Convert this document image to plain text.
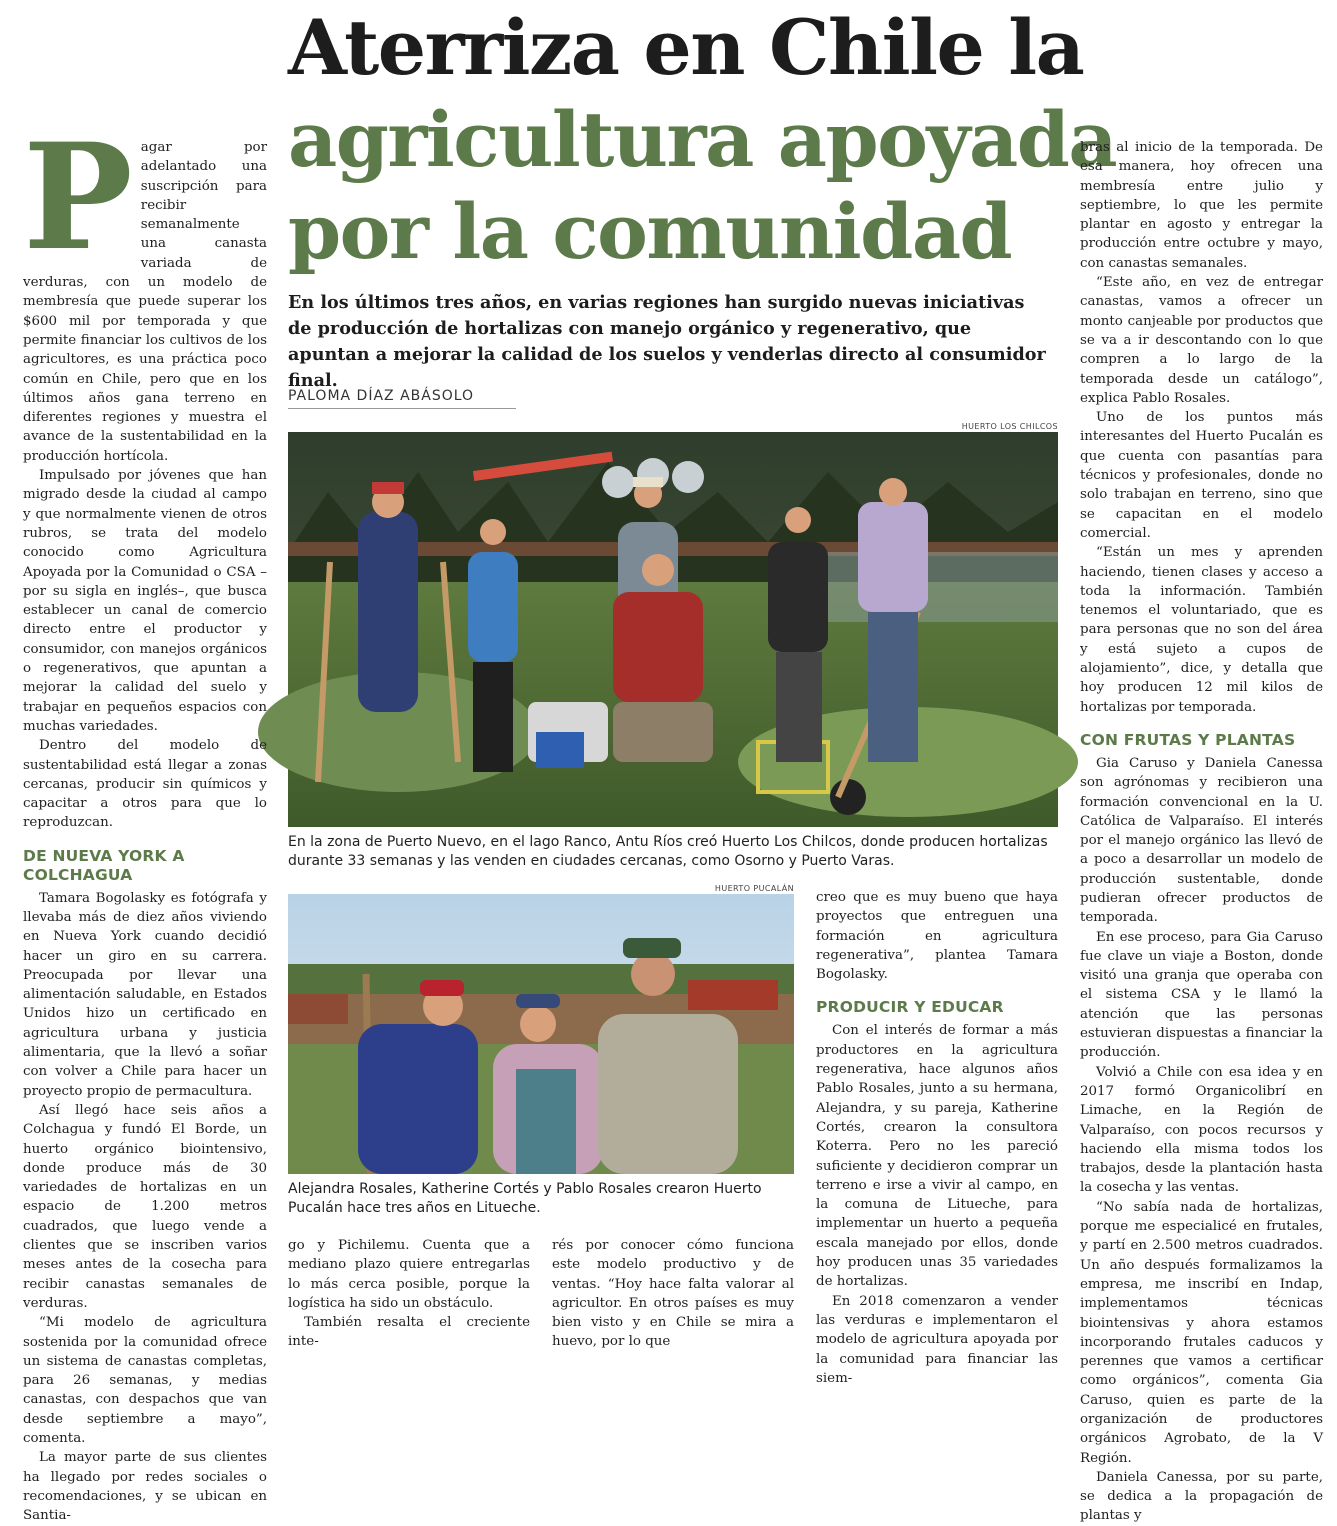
Aterriza en Chile la
agricultura apoyada
por la comunidad
En los últimos tres años, en varias regiones han surgido nuevas iniciativas de producción de hortalizas con manejo orgánico y regenerativo, que apuntan a mejorar la calidad de los suelos y venderlas directo al consumidor final.
PALOMA DÍAZ ABÁSOLO
HUERTO LOS CHILCOS
En la zona de Puerto Nuevo, en el lago Ranco, Antu Ríos creó Huerto Los Chilcos, donde producen hortalizas durante 33 semanas y las venden en ciudades cercanas, como Osorno y Puerto Varas.
HUERTO PUCALÁN
Alejandra Rosales, Katherine Cortés y Pablo Rosales crearon Huerto Pucalán hace tres años en Litueche.

P agar por adelantado una suscripción para recibir semanalmente una canasta variada de verduras, con un modelo de membresía que puede superar los $600 mil por temporada y que permite financiar los cultivos de los agricultores, es una práctica poco común en Chile, pero que en los últimos años gana terreno en diferentes regiones y muestra el avance de la sustentabilidad en la producción hortícola.

Impulsado por jóvenes que han migrado desde la ciudad al campo y que normalmente vienen de otros rubros, se trata del modelo conocido como Agricultura Apoyada por la Comunidad o CSA –por su sigla en inglés–, que busca establecer un canal de comercio directo entre el productor y consumidor, con manejos orgánicos o regenerativos, que apuntan a mejorar la calidad del suelo y trabajar en pequeños espacios con muchas variedades.

Dentro del modelo de sustentabilidad está llegar a zonas cercanas, producir sin químicos y capacitar a otros para que lo reproduzcan.

DE NUEVA YORK A COLCHAGUA

Tamara Bogolasky es fotógrafa y llevaba más de diez años viviendo en Nueva York cuando decidió hacer un giro en su carrera. Preocupada por llevar una alimentación saludable, en Estados Unidos hizo un certificado en agricultura urbana y justicia alimentaria, que la llevó a soñar con volver a Chile para hacer un proyecto propio de permacultura.

Así llegó hace seis años a Colchagua y fundó El Borde, un huerto orgánico biointensivo, donde produce más de 30 variedades de hortalizas en un espacio de 1.200 metros cuadrados, que luego vende a clientes que se inscriben varios meses antes de la cosecha para recibir canastas semanales de verduras.

“Mi modelo de agricultura sostenida por la comunidad ofrece un sistema de canastas completas, para 26 semanas, y medias canastas, con despachos que van desde septiembre a mayo”, comenta.

La mayor parte de sus clientes ha llegado por redes sociales o recomendaciones, y se ubican en Santia-

go y Pichilemu. Cuenta que a mediano plazo quiere entregarlas lo más cerca posible, porque la logística ha sido un obstáculo.

También resalta el creciente inte-

rés por conocer cómo funciona este modelo productivo y de ventas. “Hoy hace falta valorar al agricultor. En otros países es muy bien visto y en Chile se mira a huevo, por lo que

creo que es muy bueno que haya proyectos que entreguen una formación en agricultura regenerativa”, plantea Tamara Bogolasky.

PRODUCIR Y EDUCAR

Con el interés de formar a más productores en la agricultura regenerativa, hace algunos años Pablo Rosales, junto a su hermana, Alejandra, y su pareja, Katherine Cortés, crearon la consultora Koterra. Pero no les pareció suficiente y decidieron comprar un terreno e irse a vivir al campo, en la comuna de Litueche, para implementar un huerto a pequeña escala manejado por ellos, donde hoy producen unas 35 variedades de hortalizas.

En 2018 comenzaron a vender las verduras e implementaron el modelo de agricultura apoyada por la comunidad para financiar las siem-

bras al inicio de la temporada. De esa manera, hoy ofrecen una membresía entre julio y septiembre, lo que les permite plantar en agosto y entregar la producción entre octubre y mayo, con canastas semanales.

“Este año, en vez de entregar canastas, vamos a ofrecer un monto canjeable por productos que se va a ir descontando con lo que compren a lo largo de la temporada desde un catálogo”, explica Pablo Rosales.

Uno de los puntos más interesantes del Huerto Pucalán es que cuenta con pasantías para técnicos y profesionales, donde no solo trabajan en terreno, sino que se capacitan en el modelo comercial.

“Están un mes y aprenden haciendo, tienen clases y acceso a toda la información. También tenemos el voluntariado, que es para personas que no son del área y está sujeto a cupos de alojamiento”, dice, y detalla que hoy producen 12 mil kilos de hortalizas por temporada.

CON FRUTAS Y PLANTAS

Gia Caruso y Daniela Canessa son agrónomas y recibieron una formación convencional en la U. Católica de Valparaíso. El interés por el manejo orgánico las llevó de a poco a desarrollar un modelo de producción sustentable, donde pudieran ofrecer productos de temporada.

En ese proceso, para Gia Caruso fue clave un viaje a Boston, donde visitó una granja que operaba con el sistema CSA y le llamó la atención que las personas estuvieran dispuestas a financiar la producción.

Volvió a Chile con esa idea y en 2017 formó Organicolibrí en Limache, en la Región de Valparaíso, con pocos recursos y haciendo ella misma todos los trabajos, desde la plantación hasta la cosecha y las ventas.

“No sabía nada de hortalizas, porque me especialicé en frutales, y partí en 2.500 metros cuadrados. Un año después formalizamos la empresa, me inscribí en Indap, implementamos técnicas biointensivas y ahora estamos incorporando frutales caducos y perennes que vamos a certificar como orgánicos”, comenta Gia Caruso, quien es parte de la organización de productores orgánicos Agrobato, de la V Región.

Daniela Canessa, por su parte, se dedica a la propagación de plantas y
